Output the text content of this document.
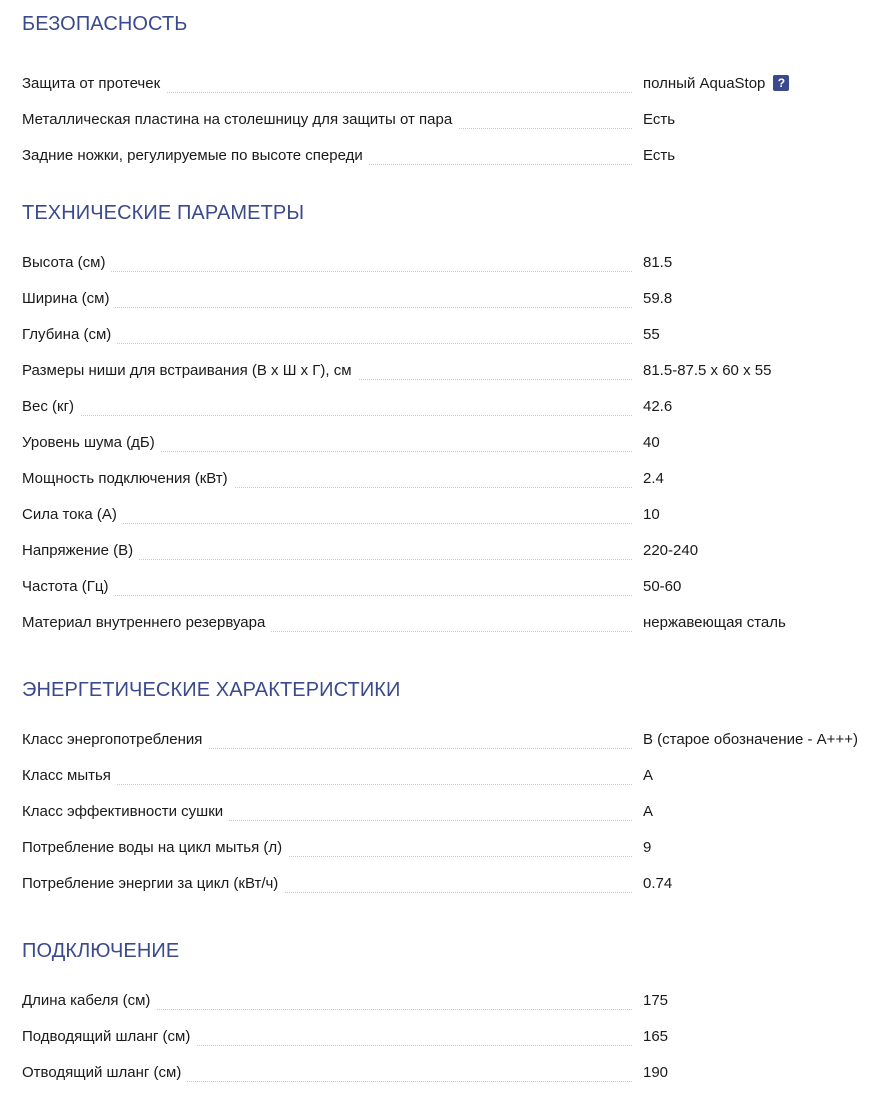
БЕЗОПАСНОСТЬ
Защита от протечек	полный AquaStop ?
Металлическая пластина на столешницу для защиты от пара	Есть
Задние ножки, регулируемые по высоте спереди	Есть
ТЕХНИЧЕСКИЕ ПАРАМЕТРЫ
Высота (см)	81.5
Ширина (см)	59.8
Глубина (см)	55
Размеры ниши для встраивания (В х Ш х Г), см	81.5-87.5 x 60 x 55
Вес (кг)	42.6
Уровень шума (дБ)	40
Мощность подключения (кВт)	2.4
Сила тока (А)	10
Напряжение (В)	220-240
Частота (Гц)	50-60
Материал внутреннего резервуара	нержавеющая сталь
ЭНЕРГЕТИЧЕСКИЕ ХАРАКТЕРИСТИКИ
Класс энергопотребления	B (старое обозначение - A+++)
Класс мытья	A
Класс эффективности сушки	A
Потребление воды на цикл мытья (л)	9
Потребление энергии за цикл (кВт/ч)	0.74
ПОДКЛЮЧЕНИЕ
Длина кабеля (см)	175
Подводящий шланг (см)	165
Отводящий шланг (см)	190
